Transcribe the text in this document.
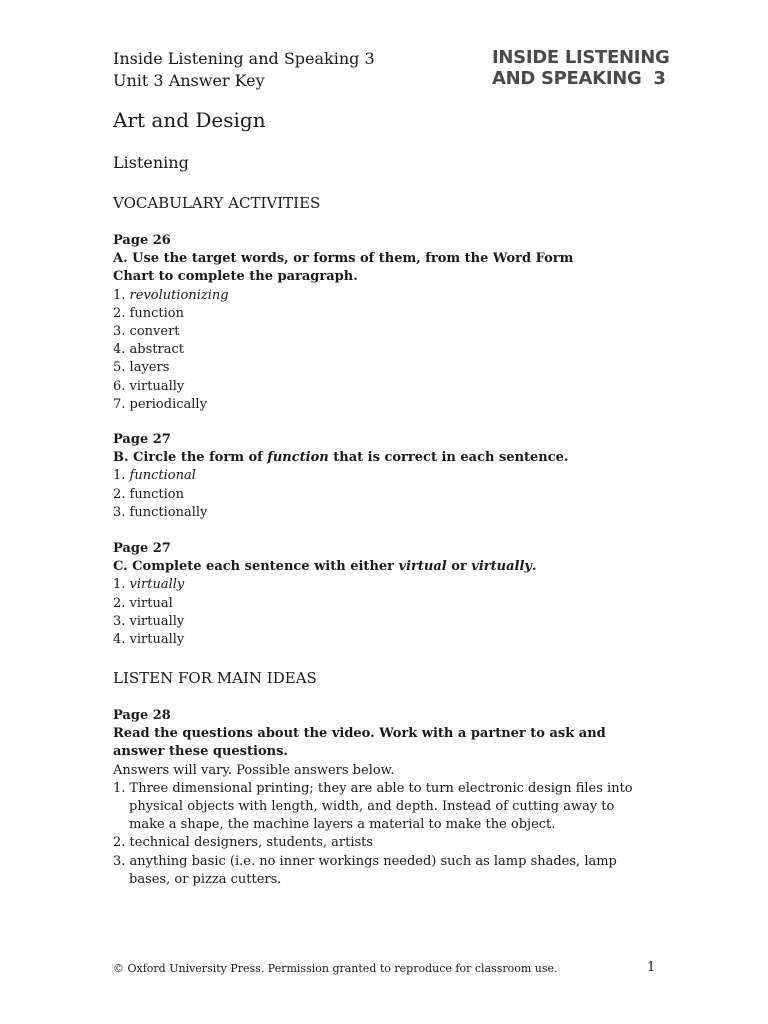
Inside Listening and Speaking 3
Unit 3 Answer Key
INSIDE LISTENING
AND SPEAKING  3
Art and Design
Listening
VOCABULARY ACTIVITIES
Page 26
A. Use the target words, or forms of them, from the Word Form Chart to complete the paragraph.
1. revolutionizing
2. function
3. convert
4. abstract
5. layers
6. virtually
7. periodically
Page 27
B. Circle the form of function that is correct in each sentence.
1. functional
2. function
3. functionally
Page 27
C. Complete each sentence with either virtual or virtually.
1. virtually
2. virtual
3. virtually
4. virtually
LISTEN FOR MAIN IDEAS
Page 28
Read the questions about the video. Work with a partner to ask and answer these questions.
Answers will vary. Possible answers below.
1. Three dimensional printing; they are able to turn electronic design files into physical objects with length, width, and depth. Instead of cutting away to make a shape, the machine layers a material to make the object.
2. technical designers, students, artists
3. anything basic (i.e. no inner workings needed) such as lamp shades, lamp bases, or pizza cutters.
© Oxford University Press. Permission granted to reproduce for classroom use.	1
